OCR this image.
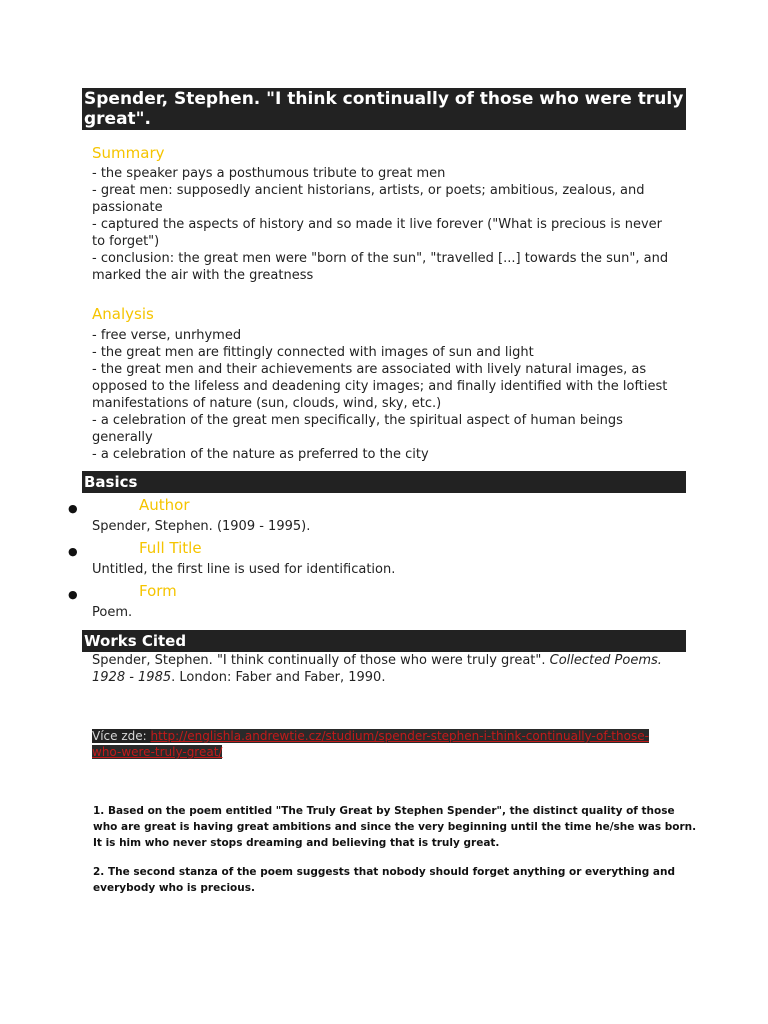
Spender, Stephen. "I think continually of those who were truly great".
Summary
- the speaker pays a posthumous tribute to great men
- great men: supposedly ancient historians, artists, or poets; ambitious, zealous, and passionate
- captured the aspects of history and so made it live forever ("What is precious is never to forget")
- conclusion: the great men were "born of the sun", "travelled [...] towards the sun", and marked the air with the greatness
Analysis
- free verse, unrhymed
- the great men are fittingly connected with images of sun and light
- the great men and their achievements are associated with lively natural images, as opposed to the lifeless and deadening city images; and finally identified with the loftiest manifestations of nature (sun, clouds, wind, sky, etc.)
- a celebration of the great men specifically, the spiritual aspect of human beings generally
- a celebration of the nature as preferred to the city
Basics
●	Author
Spender, Stephen. (1909 - 1995).
●	Full Title
Untitled, the first line is used for identification.
●	Form
Poem.
Works Cited
Spender, Stephen. "I think continually of those who were truly great". Collected Poems. 1928 - 1985. London: Faber and Faber, 1990.
Více zde: http://englishla.andrewtie.cz/studium/spender-stephen-i-think-continually-of-those-who-were-truly-great/
1. Based on the poem entitled "The Truly Great by Stephen Spender", the distinct quality of those
who are great is having great ambitions and since the very beginning until the time he/she was born.
It is him who never stops dreaming and believing that is truly great.
2. The second stanza of the poem suggests that nobody should forget anything or everything and
everybody who is precious.
